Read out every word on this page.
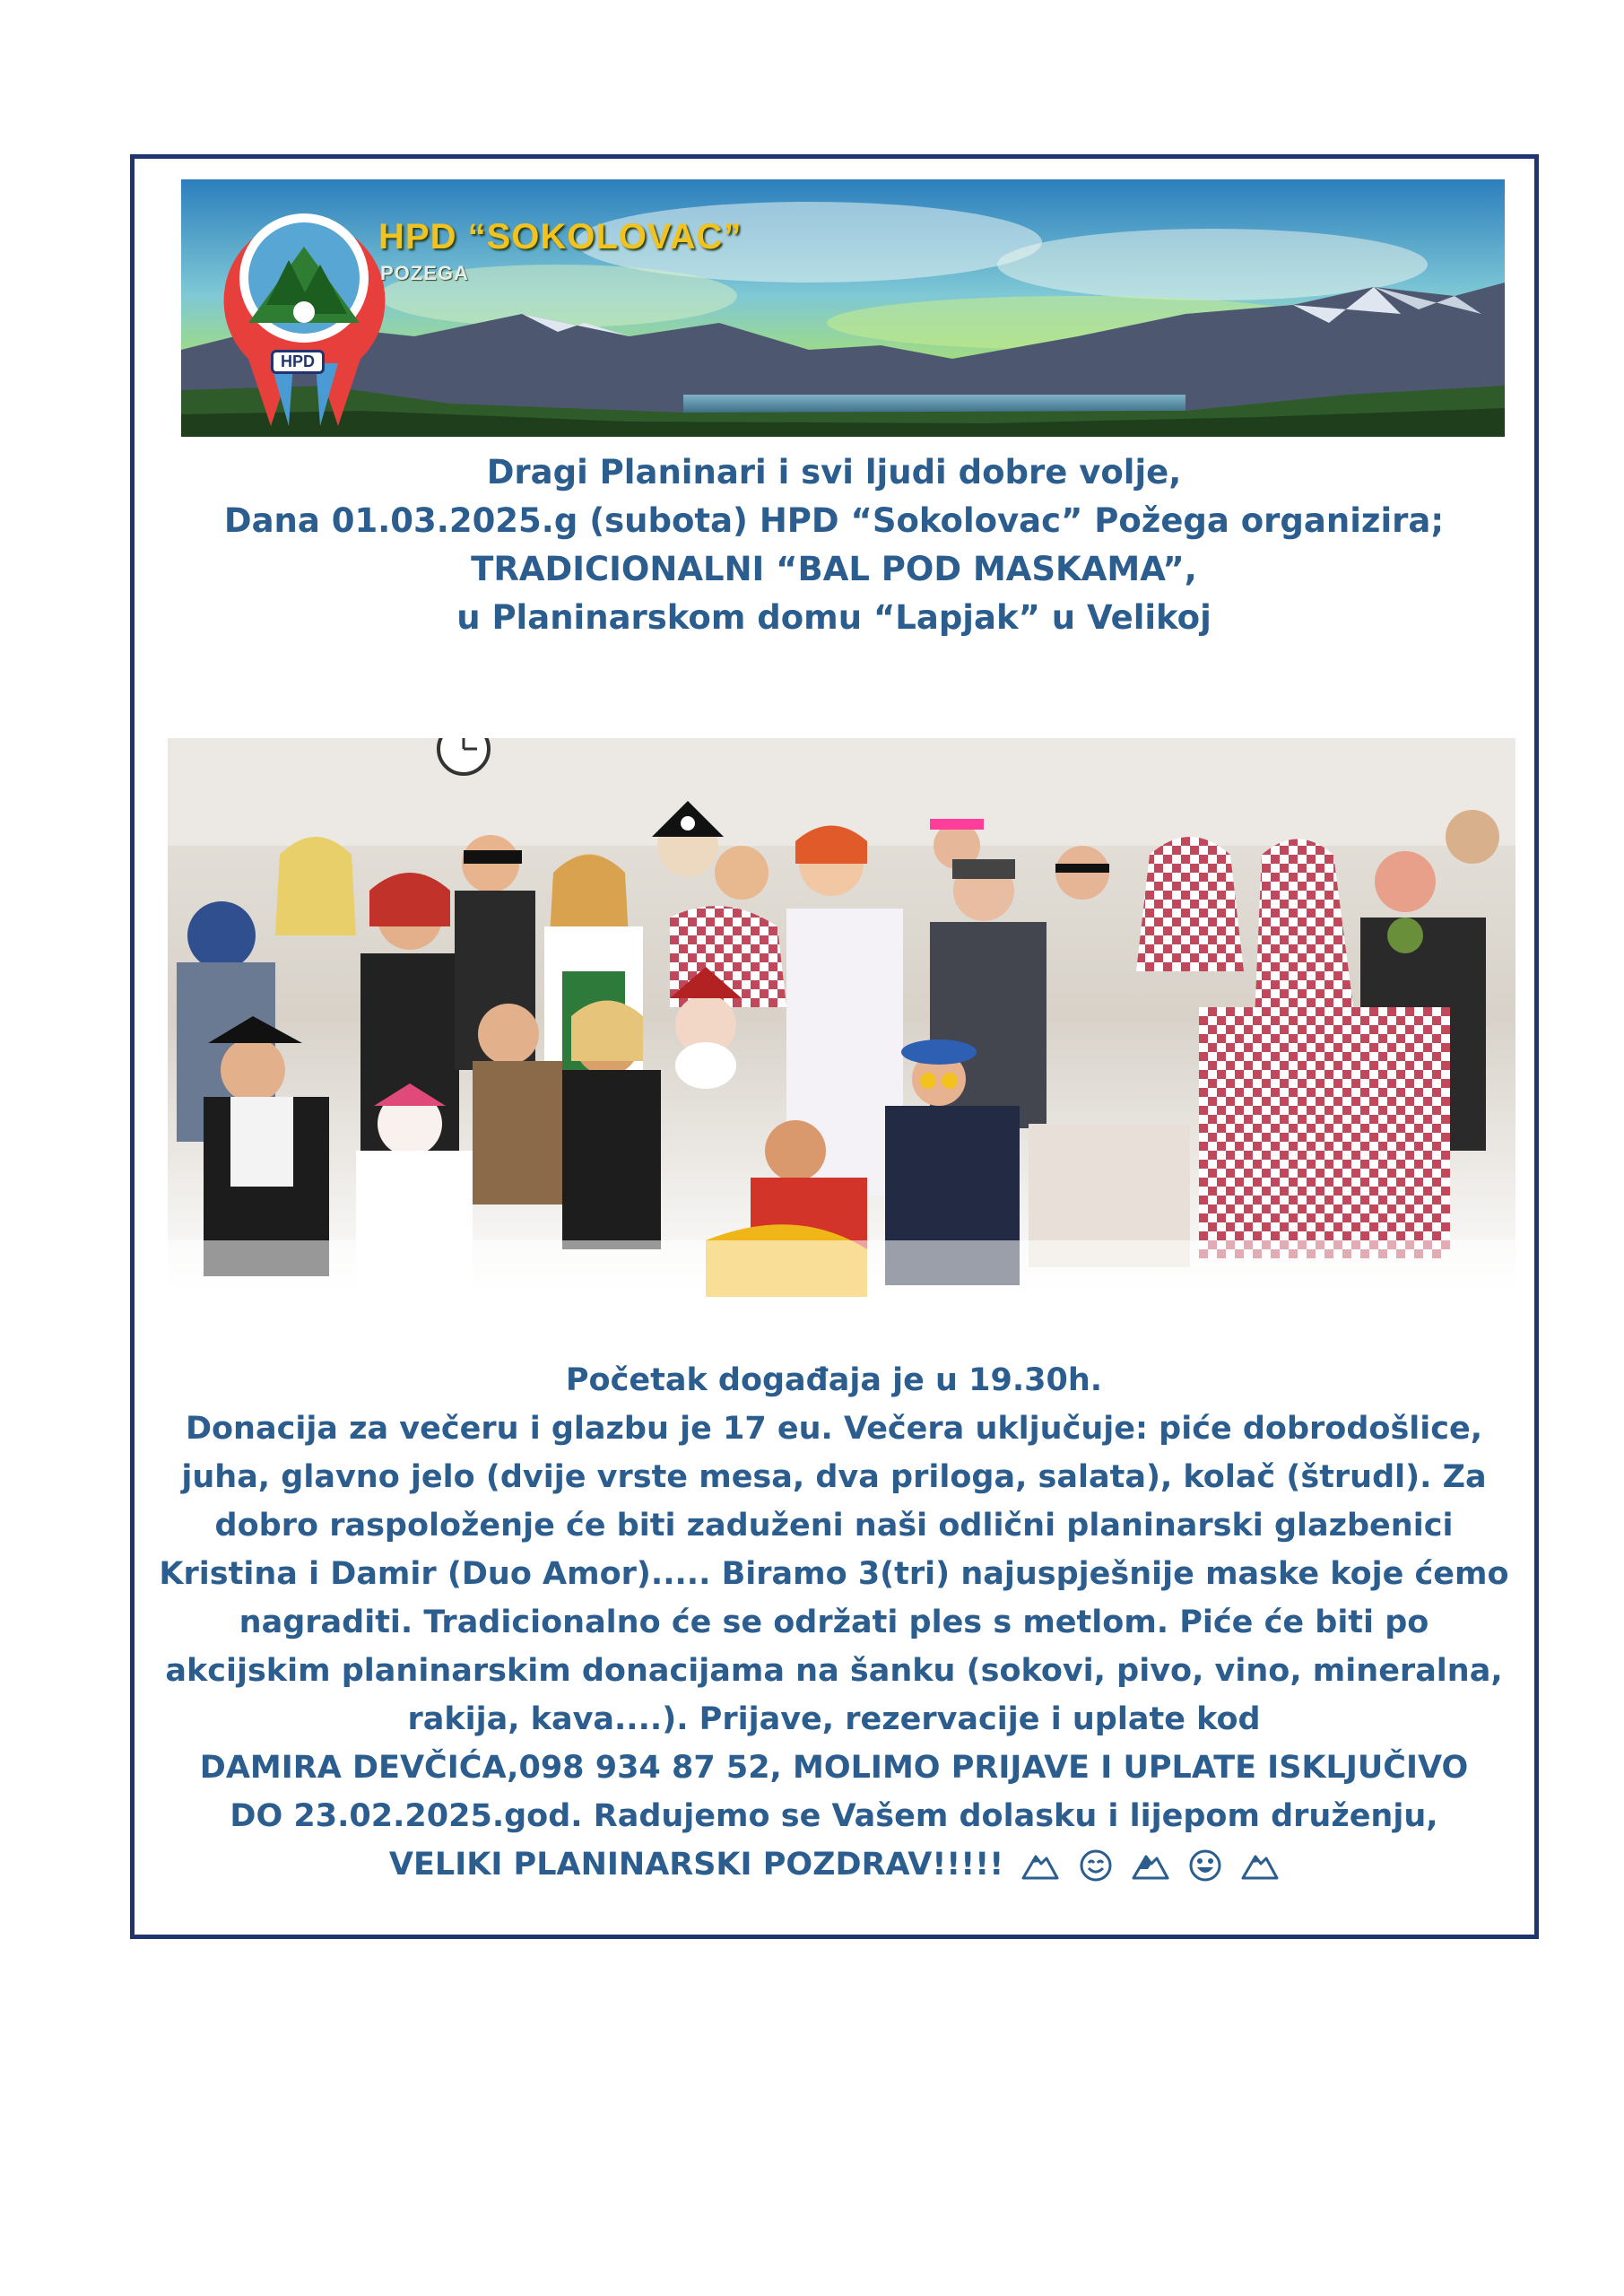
HPD “SOKOLOVAC”
POZEGA
HPD
Dragi Planinari i svi ljudi dobre volje,
Dana 01.03.2025.g (subota) HPD “Sokolovac” Požega organizira;
TRADICIONALNI “BAL POD MASKAMA”,
u Planinarskom domu “Lapjak” u Velikoj
Početak događaja je u 19.30h.
Donacija za večeru i glazbu je 17 eu. Večera uključuje: piće dobrodošlice,
juha, glavno jelo (dvije vrste mesa, dva priloga, salata), kolač (štrudl). Za
dobro raspoloženje će biti zaduženi naši odlični planinarski glazbenici
Kristina i Damir (Duo Amor)..... Biramo 3(tri) najuspješnije maske koje ćemo
nagraditi. Tradicionalno će se održati ples s metlom. Piće će biti po
akcijskim planinarskim donacijama na šanku (sokovi, pivo, vino, mineralna,
rakija, kava....). Prijave, rezervacije i uplate kod
DAMIRA DEVČIĆA,098 934 87 52, MOLIMO PRIJAVE I UPLATE ISKLJUČIVO
DO 23.02.2025.god. Radujemo se Vašem dolasku i lijepom druženju,
VELIKI PLANINARSKI POZDRAV!!!!!
